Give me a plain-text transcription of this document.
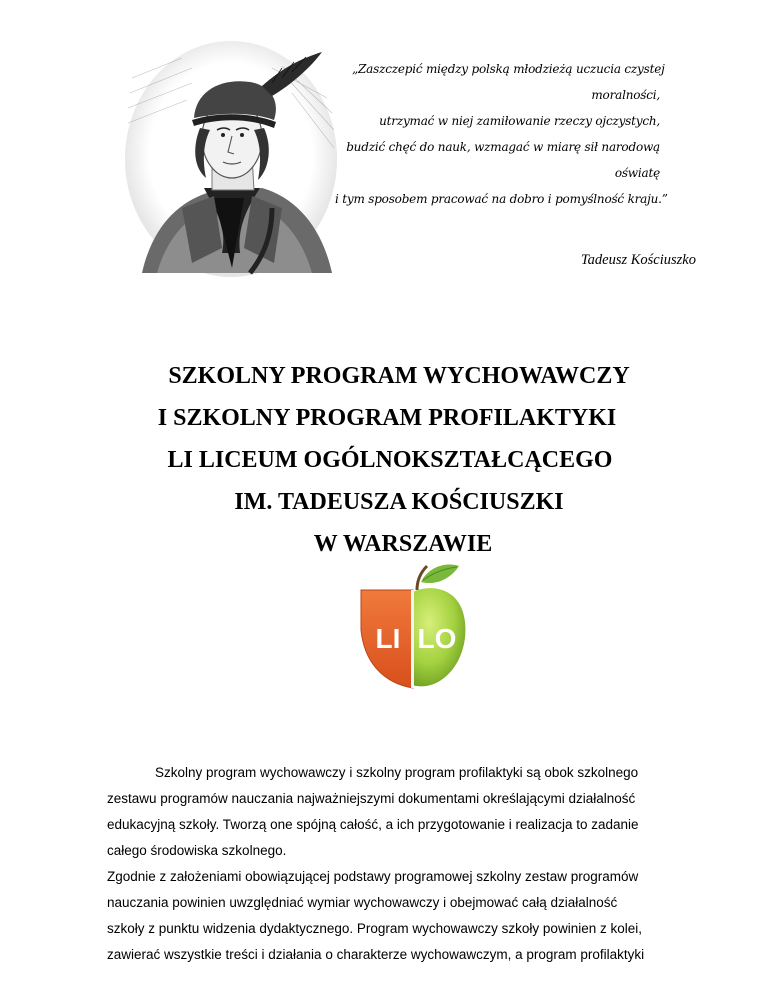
„Zaszczepić między polską młodzieżą uczucia czystej
moralności,
utrzymać w niej zamiłowanie rzeczy ojczystych,
budzić chęć do nauk, wzmagać w miarę sił narodową
oświatę
i tym sposobem pracować na dobro i pomyślność kraju.”
Tadeusz Kościuszko
SZKOLNY PROGRAM WYCHOWAWCZY
I SZKOLNY PROGRAM PROFILAKTYKI
LI LICEUM OGÓLNOKSZTAŁCĄCEGO
IM. TADEUSZA KOŚCIUSZKI
W WARSZAWIE
LI LO
Szkolny program wychowawczy i szkolny program profilaktyki są obok szkolnego
zestawu programów nauczania najważniejszymi dokumentami określającymi działalność
edukacyjną szkoły. Tworzą one spójną całość, a ich przygotowanie i realizacja to zadanie
całego środowiska szkolnego.
Zgodnie z założeniami obowiązującej podstawy programowej szkolny zestaw programów
nauczania powinien uwzględniać wymiar wychowawczy i obejmować całą działalność
szkoły z punktu widzenia dydaktycznego. Program wychowawczy szkoły powinien z kolei,
zawierać wszystkie treści i działania o charakterze wychowawczym, a program profilaktyki
